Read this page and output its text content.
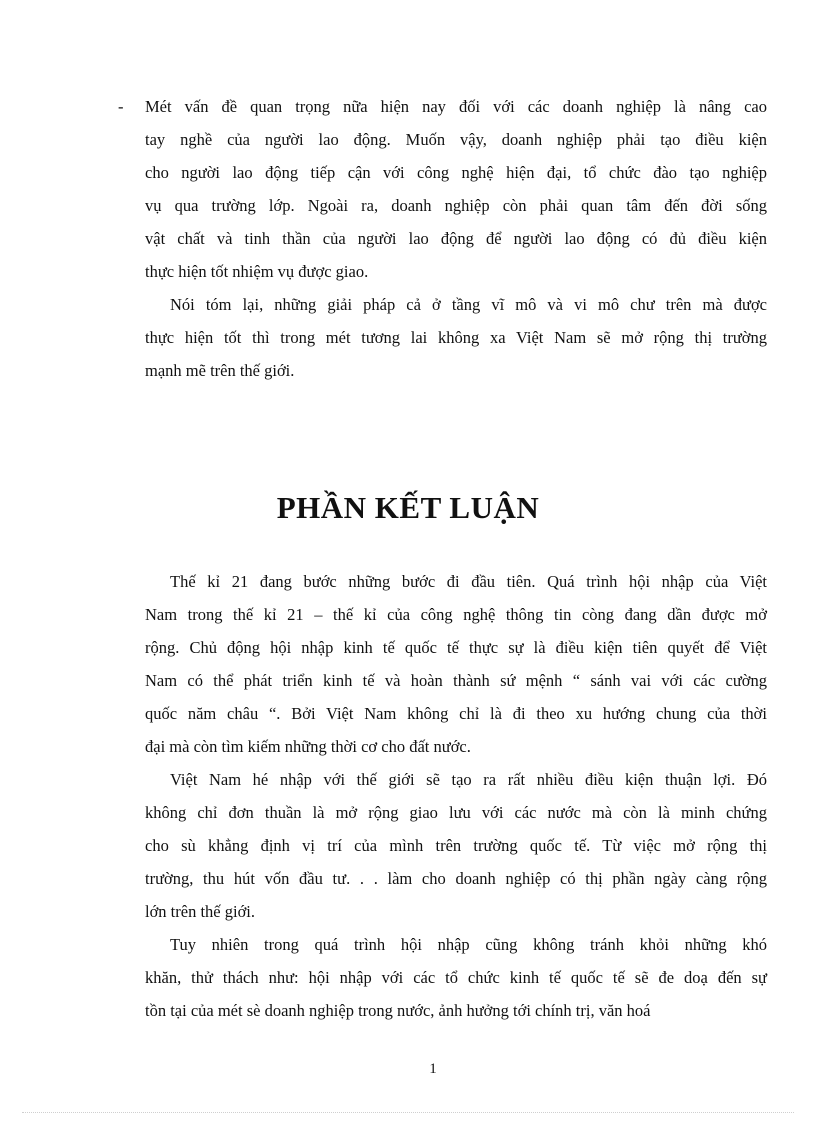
- Mét vấn đề quan trọng nữa hiện nay đối với các doanh nghiệp là nâng cao
tay nghề của người lao động. Muốn vậy, doanh nghiệp phải tạo điều kiện
cho người lao động tiếp cận với công nghệ hiện đại, tổ chức đào tạo nghiệp
vụ qua trường lớp. Ngoài ra, doanh nghiệp còn phải quan tâm đến đời sống
vật chất và tinh thần của người lao động để người lao động có đủ điều kiện
thực hiện tốt nhiệm vụ được giao.
Nói tóm lại, những giải pháp cả ở tầng vĩ mô và vi mô chư trên mà được
thực hiện tốt thì trong mét tương lai không xa Việt Nam sẽ mở rộng thị trường
mạnh mẽ trên thế giới.
PHẦN KẾT LUẬN
Thế kỉ 21 đang bước những bước đi đầu tiên. Quá trình hội nhập của Việt
Nam trong thế kỉ 21 – thế kỉ của công nghệ thông tin còng đang dần được mở
rộng. Chủ động hội nhập kinh tế quốc tế thực sự là điều kiện tiên quyết để Việt
Nam có thể phát triển kinh tế và hoàn thành sứ mệnh “ sánh vai với các cường
quốc năm châu “. Bởi Việt Nam không chỉ là đi theo xu hướng chung của thời
đại mà còn tìm kiếm những thời cơ cho đất nước.
Việt Nam hé nhập với thế giới sẽ tạo ra rất nhiều điều kiện thuận lợi. Đó
không chỉ đơn thuần là mở rộng giao lưu với các nước mà còn là minh chứng
cho sù khẳng định vị trí của mình trên trường quốc tế. Từ việc mở rộng thị
trường, thu hút vốn đầu tư. . . làm cho doanh nghiệp có thị phần ngày càng rộng
lớn trên thế giới.
Tuy nhiên trong quá trình hội nhập cũng không tránh khỏi những khó
khăn, thử thách như: hội nhập với các tổ chức kinh tế quốc tế sẽ đe doạ đến sự
tồn tại của mét sè doanh nghiệp trong nước, ảnh hưởng tới chính trị, văn hoá
1
